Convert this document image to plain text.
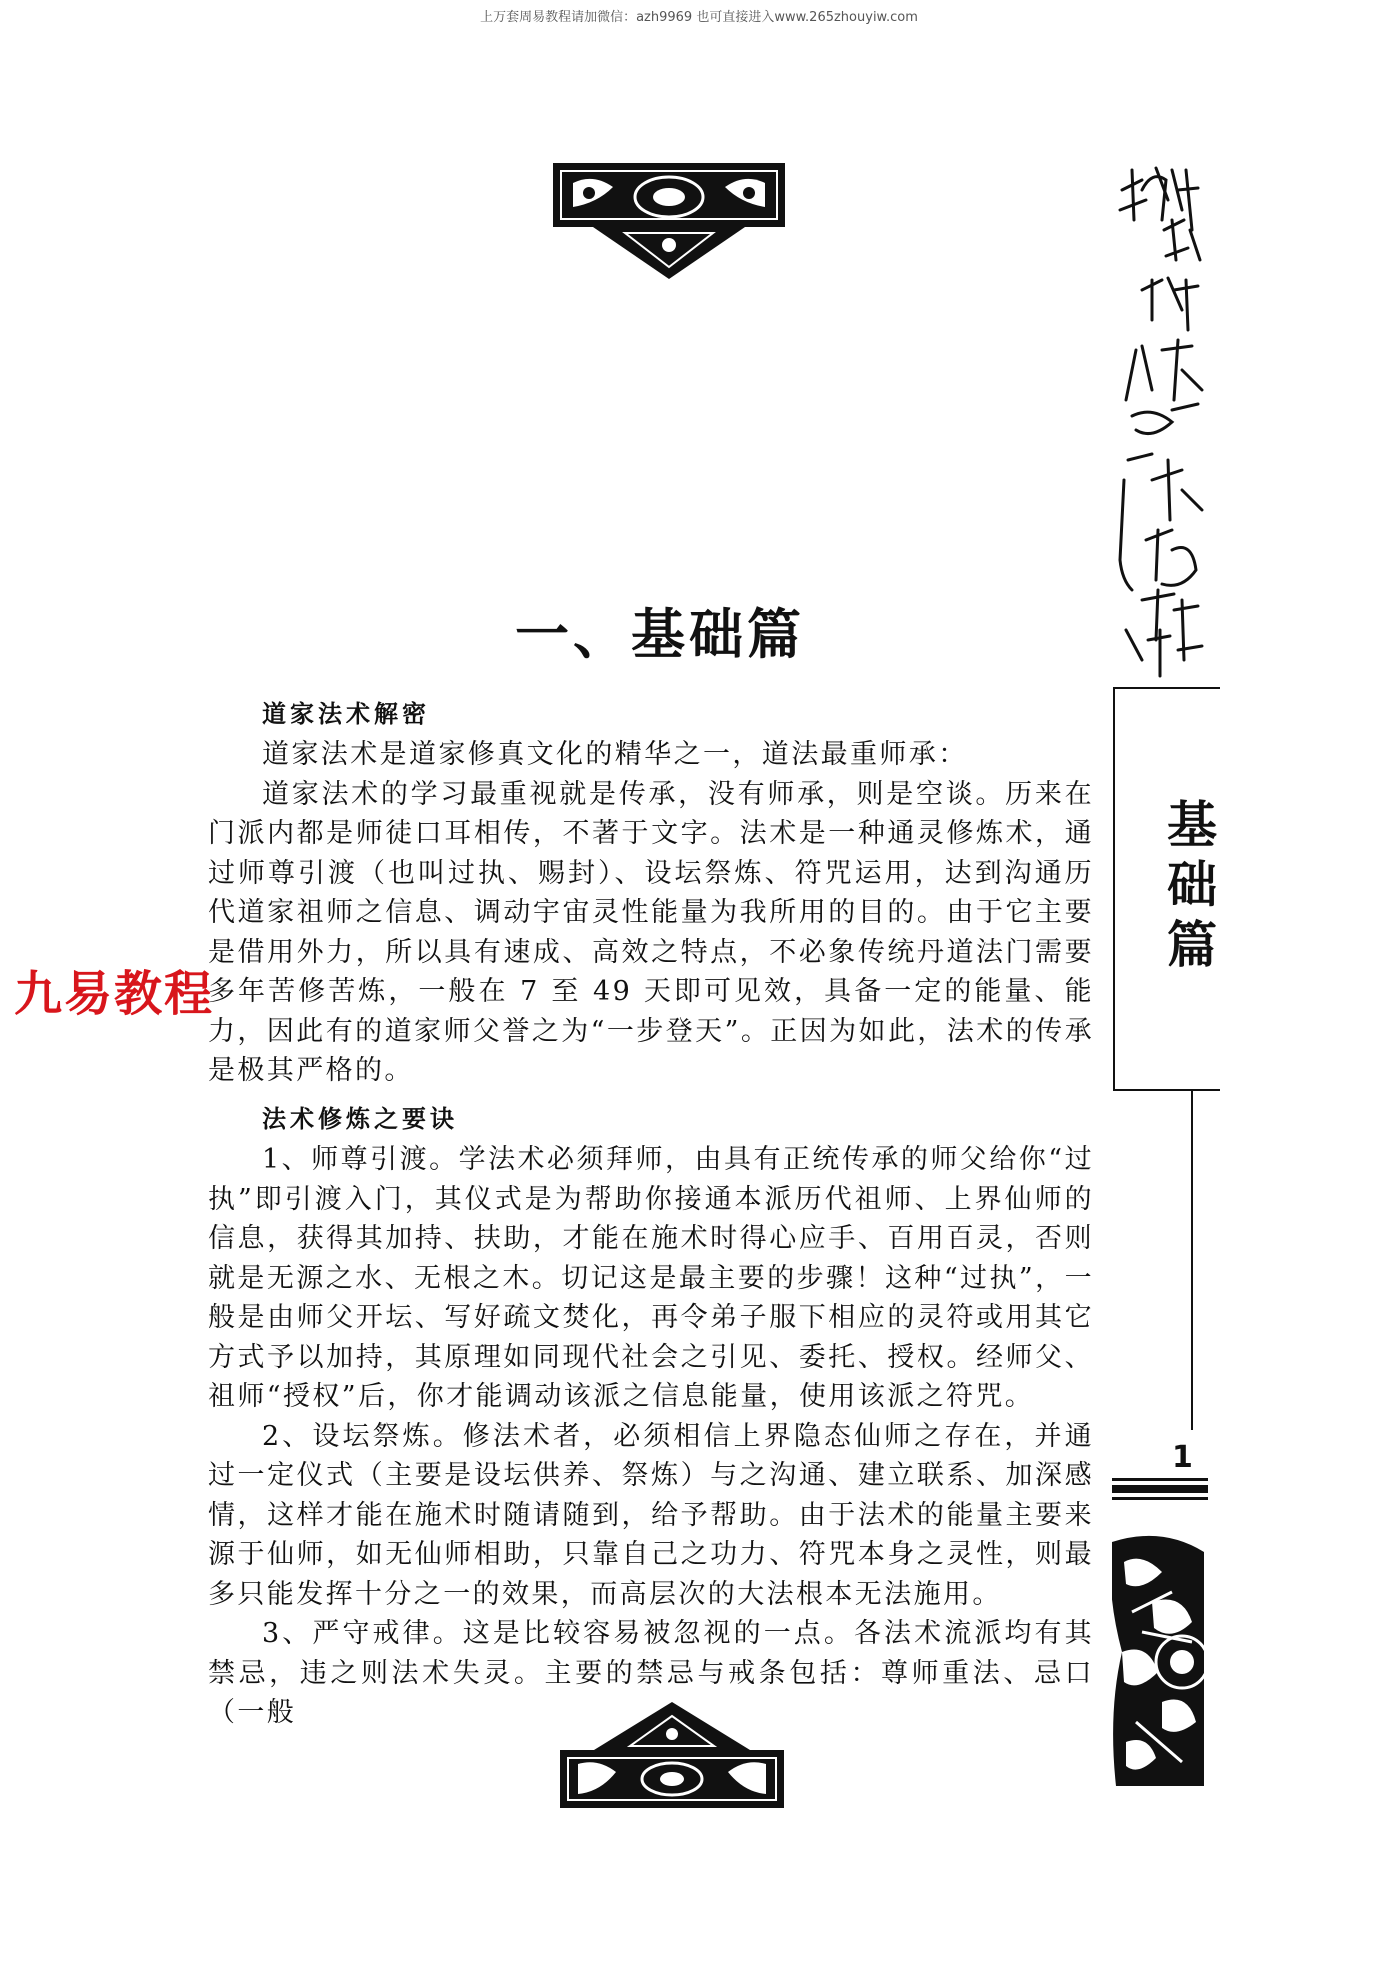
上万套周易教程请加微信：azh9969 也可直接进入www.265zhouyiw.com
1
一、基础篇
基础篇
道家法术解密

道家法术是道家修真文化的精华之一，道法最重师承：

道家法术的学习最重视就是传承，没有师承，则是空谈。历来在门派内都是师徒口耳相传，不著于文字。法术是一种通灵修炼术，通过师尊引渡（也叫过执、赐封）、设坛祭炼、符咒运用，达到沟通历代道家祖师之信息、调动宇宙灵性能量为我所用的目的。由于它主要是借用外力，所以具有速成、高效之特点，不必象传统丹道法门需要多年苦修苦炼，一般在 7 至 49 天即可见效，具备一定的能量、能力，因此有的道家师父誉之为“一步登天”。正因为如此，法术的传承是极其严格的。

法术修炼之要诀

1、师尊引渡。学法术必须拜师，由具有正统传承的师父给你“过执”即引渡入门，其仪式是为帮助你接通本派历代祖师、上界仙师的信息，获得其加持、扶助，才能在施术时得心应手、百用百灵，否则就是无源之水、无根之木。切记这是最主要的步骤！这种“过执”，一般是由师父开坛、写好疏文焚化，再令弟子服下相应的灵符或用其它方式予以加持，其原理如同现代社会之引见、委托、授权。经师父、祖师“授权”后，你才能调动该派之信息能量，使用该派之符咒。

2、设坛祭炼。修法术者，必须相信上界隐态仙师之存在，并通过一定仪式（主要是设坛供养、祭炼）与之沟通、建立联系、加深感情，这样才能在施术时随请随到，给予帮助。由于法术的能量主要来源于仙师，如无仙师相助，只靠自己之功力、符咒本身之灵性，则最多只能发挥十分之一的效果，而高层次的大法根本无法施用。

3、严守戒律。这是比较容易被忽视的一点。各法术流派均有其禁忌，违之则法术失灵。主要的禁忌与戒条包括：尊师重法、忌口（一般

九易教程
